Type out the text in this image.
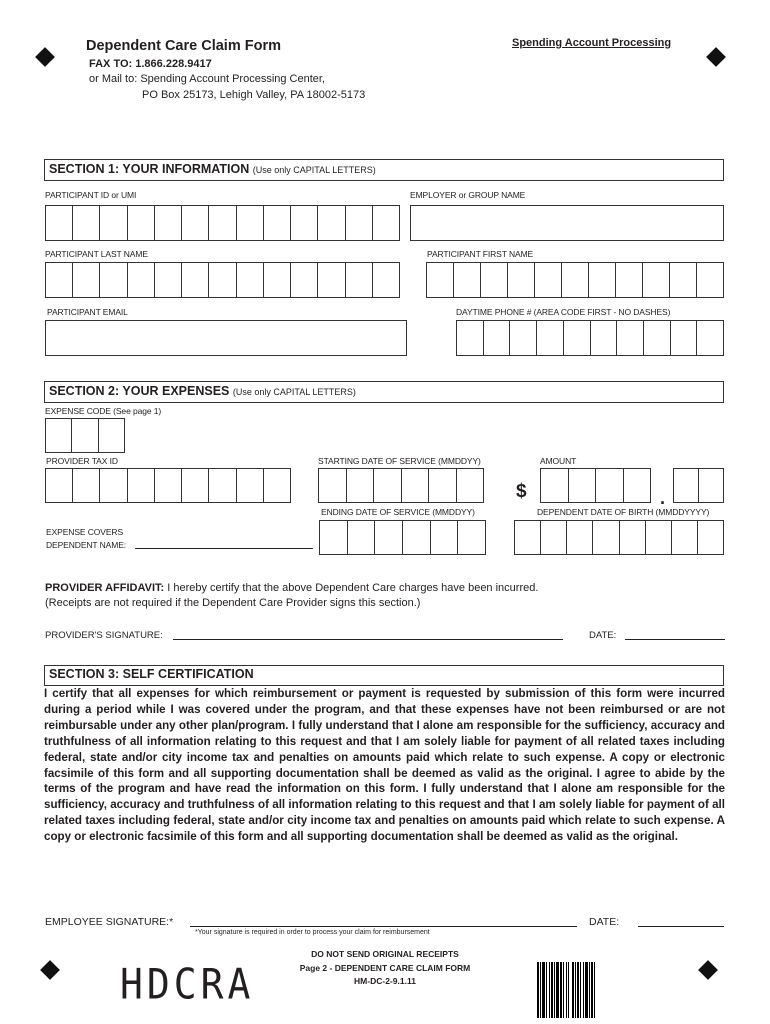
Dependent Care Claim Form	Spending Account Processing
FAX TO: 1.866.228.9417
or Mail to: Spending Account Processing Center,
PO Box 25173, Lehigh Valley, PA 18002-5173
SECTION 1: YOUR INFORMATION (Use only CAPITAL LETTERS)
PARTICIPANT ID or UMI	EMPLOYER or GROUP NAME
PARTICIPANT LAST NAME	PARTICIPANT FIRST NAME
PARTICIPANT EMAIL	DAYTIME PHONE # (AREA CODE FIRST - NO DASHES)
SECTION 2: YOUR EXPENSES (Use only CAPITAL LETTERS)
EXPENSE CODE (See page 1)
PROVIDER TAX ID	STARTING DATE OF SERVICE (MMDDYY)	AMOUNT
$	.
ENDING DATE OF SERVICE (MMDDYY)	DEPENDENT DATE OF BIRTH (MMDDYYYY)
EXPENSE COVERS
DEPENDENT NAME:
PROVIDER AFFIDAVIT: I hereby certify that the above Dependent Care charges have been incurred.
(Receipts are not required if the Dependent Care Provider signs this section.)
PROVIDER'S SIGNATURE:	DATE:
SECTION 3: SELF CERTIFICATION
I certify that all expenses for which reimbursement or payment is requested by submission of this form were incurred during a period while I was covered under the program, and that these expenses have not been reimbursed or are not reimbursable under any other plan/program. I fully understand that I alone am responsible for the sufficiency, accuracy and truthfulness of all information relating to this request and that I am solely liable for payment of all related taxes including federal, state and/or city income tax and penalties on amounts paid which relate to such expense. A copy or electronic facsimile of this form and all supporting documentation shall be deemed as valid as the original. I agree to abide by the terms of the program and have read the information on this form. I fully understand that I alone am responsible for the sufficiency, accuracy and truthfulness of all information relating to this request and that I am solely liable for payment of all related taxes including federal, state and/or city income tax and penalties on amounts paid which relate to such expense. A copy or electronic facsimile of this form and all supporting documentation shall be deemed as valid as the original.
EMPLOYEE SIGNATURE:*	DATE:
*Your signature is required in order to process your claim for reimbursement
DO NOT SEND ORIGINAL RECEIPTS
Page 2 - DEPENDENT CARE CLAIM FORM
HM-DC-2-9.1.11
HDCRA
